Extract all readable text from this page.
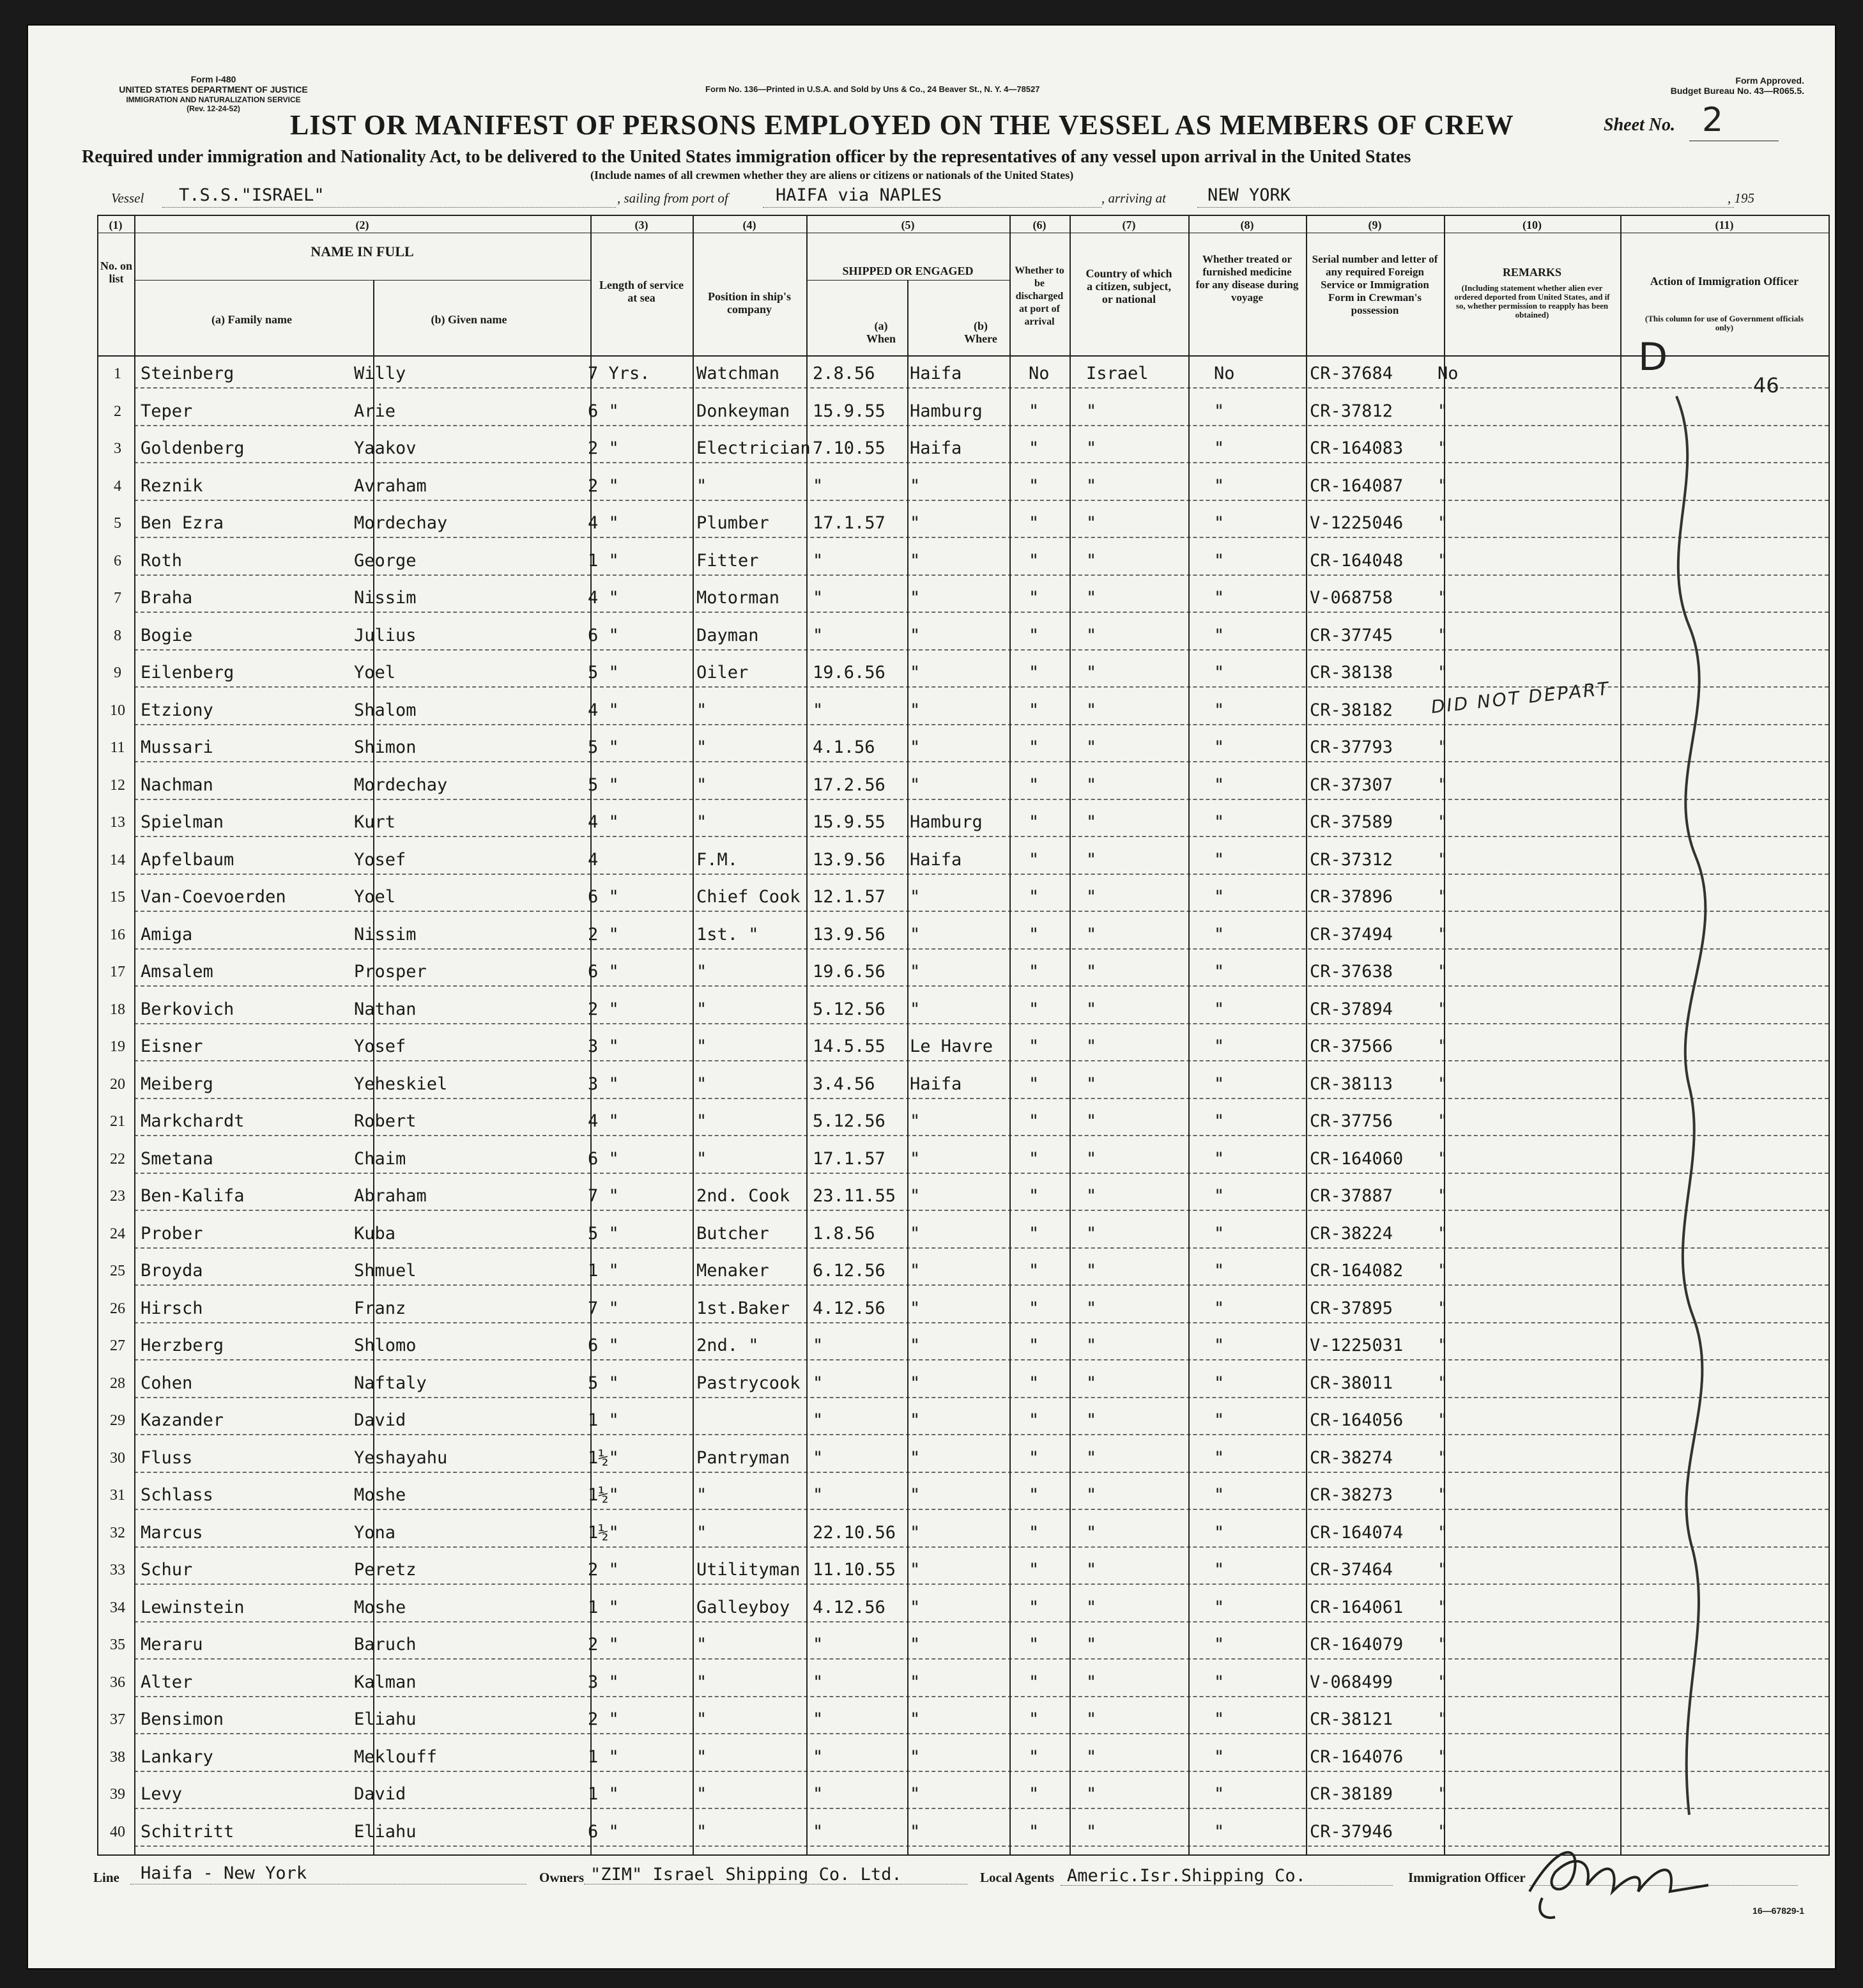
Form I-480
UNITED STATES DEPARTMENT OF JUSTICE
IMMIGRATION AND NATURALIZATION SERVICE
(Rev. 12-24-52)
Form No. 136—Printed in U.S.A. and Sold by Uns & Co., 24 Beaver St., N. Y. 4—78527
Form Approved.
Budget Bureau No. 43—R065.5.
LIST OR MANIFEST OF PERSONS EMPLOYED ON THE VESSEL AS MEMBERS OF CREW	Sheet No. 2
Required under immigration and Nationality Act, to be delivered to the United States immigration officer by the representatives of any vessel upon arrival in the United States
(Include names of all crewmen whether they are aliens or citizens or nationals of the United States)
Vessel T.S.S."ISRAEL"	, sailing from port of	HAIFA via NAPLES	, arriving at NEW YORK	, 195
(1)
No. on list
(2)
NAME IN FULL
(a) Family name	(b) Given name
(3)
Length of service at sea
(4)
Position in ship's company
(5)
SHIPPED OR ENGAGED
(a) When
(b) Where
(6)
Whether to be discharged at port of arrival
(7)
Country of which a citizen, subject, or national
(8)
Whether treated or furnished medicine for any disease during voyage
(9)
Serial number and letter of any required Foreign Service or Immigration Form in Crewman's possession
(10)
REMARKS
(Including statement whether alien ever ordered deported from United States, and if so, whether permission to reapply has been obtained)
(11)
Action of Immigration Officer
(This column for use of Government officials only)
1	Steinberg	Willy	7 Yrs.	Watchman 2.8.56 Haifa	No Israel	No	CR-37684	No
2	Teper	Arie	6 "	Donkeyman 15.9.55 Hamburg	"	"	"	CR-37812	"
3	Goldenberg	Yaakov	2 "	Electrician 7.10.55 Haifa	"	"	"	CR-164083 "
4	Reznik	Avraham	2 "	"	"	"	"	"	"	CR-164087 "
5	Ben Ezra	Mordechay	4 "	Plumber	17.1.57 "	"	"	"	V-1225046 "
6	Roth	George	1 "	Fitter	"	"	"	"	"	CR-164048 "
7	Braha	Nissim	4 "	Motorman "	"	"	"	"	V-068758	"
8	Bogie	Julius	6 "	Dayman	"	"	"	"	"	CR-37745	"
9	Eilenberg	Yoel	5 "	Oiler	19.6.56 "	"	"	"	CR-38138	"
10 Etziony	Shalom	4 "	"	"	"	"	"	"	CR-38182
11 Mussari	Shimon	5 "	"	4.1.56 "	"	"	"	CR-37793	"
12 Nachman	Mordechay	5 "	"	17.2.56 "	"	"	"	CR-37307	"
13 Spielman	Kurt	4 "	"	15.9.55 Hamburg	"	"	"	CR-37589	"
14 Apfelbaum	Yosef	4	F.M.	13.9.56 Haifa	"	"	"	CR-37312	"
15 Van-Coevoerden	Yoel	6 "	Chief Cook 12.1.57 "	"	"	"	CR-37896	"
16 Amiga	Nissim	2 "	1st. "	13.9.56 "	"	"	"	CR-37494	"
17 Amsalem	Prosper	6 "	"	19.6.56 "	"	"	"	CR-37638	"
18 Berkovich	Nathan	2 "	"	5.12.56 "	"	"	"	CR-37894	"
19 Eisner	Yosef	3 "	"	14.5.55 Le Havre "	"	"	CR-37566	"
20 Meiberg	Yeheskiel	3 "	"	3.4.56 Haifa	"	"	"	CR-38113	"
21 Markchardt	Robert	4 "	"	5.12.56 "	"	"	"	CR-37756	"
22 Smetana	Chaim	6 "	"	17.1.57 "	"	"	"	CR-164060 "
23 Ben-Kalifa	Abraham	7 "	2nd. Cook 23.11.55 "	"	"	"	CR-37887	"
24 Prober	Kuba	5 "	Butcher	1.8.56 "	"	"	"	CR-38224	"
25 Broyda	Shmuel	1 "	Menaker	6.12.56 "	"	"	"	CR-164082 "
26 Hirsch	Franz	7 "	1st.Baker 4.12.56 "	"	"	"	CR-37895	"
27 Herzberg	Shlomo	6 "	2nd. "	"	"	"	"	"	V-1225031 "
28 Cohen	Naftaly	5 "	Pastrycook "	"	"	"	"	CR-38011	"
29 Kazander	David	1 "	"	"	"	"	"	CR-164056 "
30 Fluss	Yeshayahu	1½"	Pantryman "	"	"	"	"	CR-38274	"
31 Schlass	Moshe	1½"	"	"	"	"	"	"	CR-38273	"
32 Marcus	Yona	1½"	"	22.10.56 "	"	"	"	CR-164074 "
33 Schur	Peretz	2 "	Utilityman 11.10.55 "	"	"	"	CR-37464	"
34 Lewinstein	Moshe	1 "	Galleyboy 4.12.56 "	"	"	"	CR-164061 "
35 Meraru	Baruch	2 "	"	"	"	"	"	"	CR-164079 "
36 Alter	Kalman	3 "	"	"	"	"	"	"	V-068499	"
37 Bensimon	Eliahu	2 "	"	"	"	"	"	"	CR-38121	"
38 Lankary	Meklouff	1 "	"	"	"	"	"	"	CR-164076 "
39 Levy	David	1 "	"	"	"	"	"	"	CR-38189	"
40 Schitritt	Eliahu	6 "	"	"	"	"	"	"	CR-37946	"
46
DID NOT DEPART
D
Line Haifa - New York	Owners "ZIM" Israel Shipping Co. Ltd.	Local Agents Americ.Isr.Shipping Co.	Immigration Officer
16—67829-1
